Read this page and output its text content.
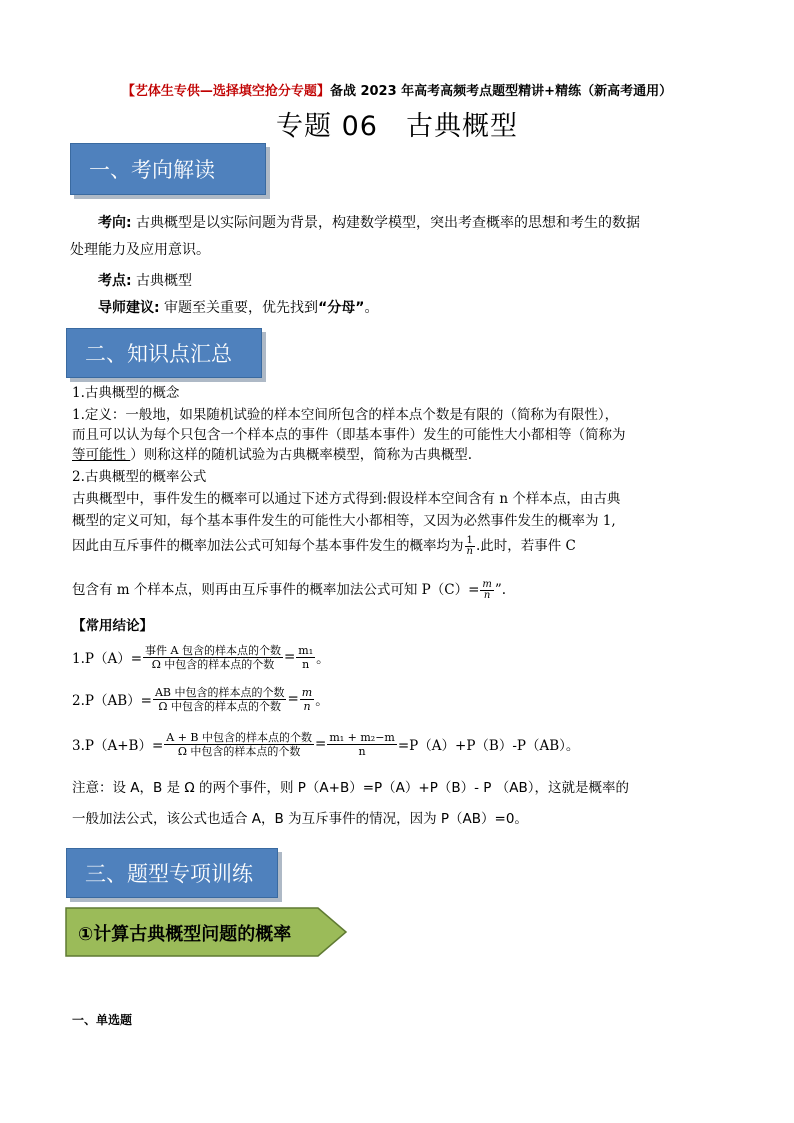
【艺体生专供—选择填空抢分专题】备战 2023 年高考高频考点题型精讲+精练（新高考通用）
专题 06　古典概型
一、考向解读
考向: 古典概型是以实际问题为背景，构建数学模型，突出考查概率的思想和考生的数据
处理能力及应用意识。
考点: 古典概型
导师建议: 审题至关重要，优先找到“分母”。
二、知识点汇总
1.古典概型的概念
1.定义：一般地，如果随机试验的样本空间所包含的样本点个数是有限的（简称为有限性），
而且可以认为每个只包含一个样本点的事件（即基本事件）发生的可能性大小都相等（简称为
等可能性 ）则称这样的随机试验为古典概率模型，简称为古典概型.
2.古典概型的概率公式
古典概型中，事件发生的概率可以通过下述方式得到:假设样本空间含有 n 个样本点，由古典
概型的定义可知，每个基本事件发生的可能性大小都相等，又因为必然事件发生的概率为 1,
因此由互斥事件的概率加法公式可知每个基本事件发生的概率均为 $\frac{1}{n}$ .此时，若事件 C
包含有 m 个样本点，则再由互斥事件的概率加法公式可知 $P(C)= \frac{m}{n}$ ”.
【常用结论】
$1.P(A)= \frac{\text{事件 A 包含的样本点的个数}}{\text{Ω 中包含的样本点的个数}} = \frac{\text{m₁}}{n}$ 。
$2.P(AB)= \frac{\text{AB 中包含的样本点的个数}}{\text{Ω 中包含的样本点的个数}} = \frac{m}{n}$ 。
$3.P(A+B)= \frac{\text{A + B 中包含的样本点的个数}}{\text{Ω 中包含的样本点的个数}} = \frac{\text{m₁ + m₂−m}}{n} =P(A)+P(B)-P(AB)$。
注意：设 A，B 是 Ω 的两个事件，则 P（A+B）=P（A）+P（B）- P （AB），这就是概率的
一般加法公式，该公式也适合 A，B 为互斥事件的情况，因为 P（AB）=0。
三、题型专项训练
①计算古典概型问题的概率
一、单选题
